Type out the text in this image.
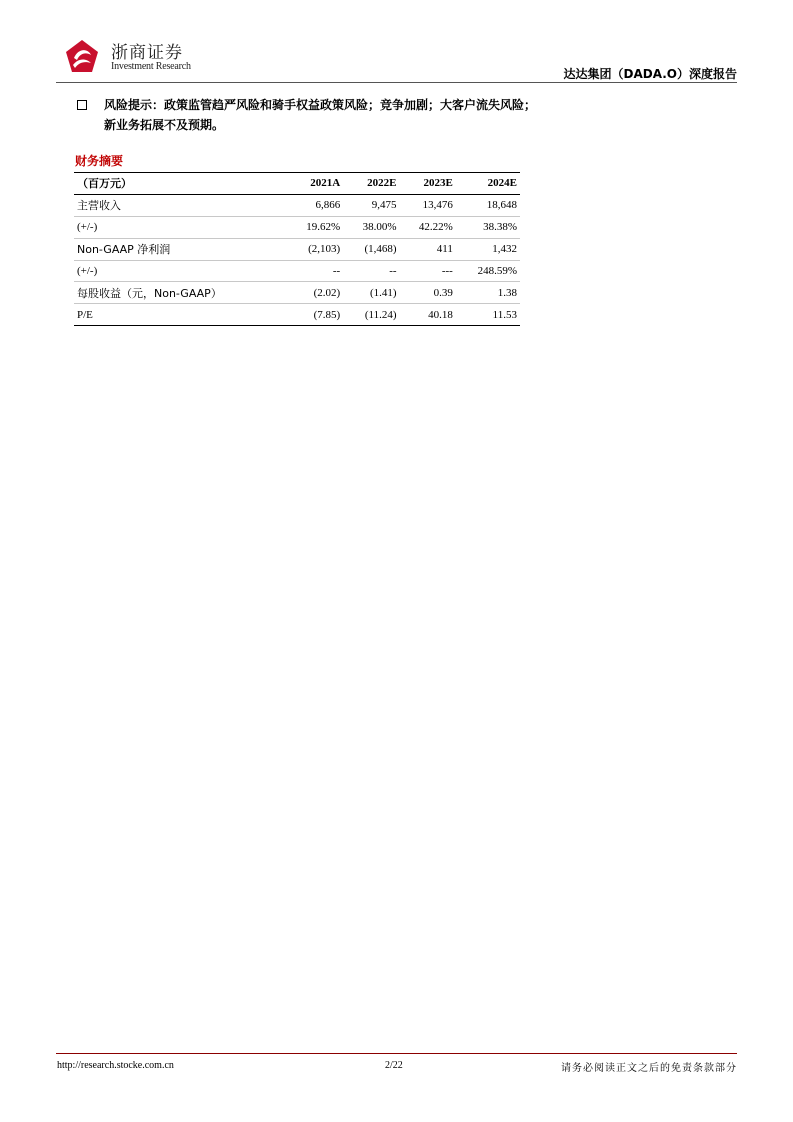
浙商证券
Investment Research
达达集团（DADA.O）深度报告
风险提示：政策监管趋严风险和骑手权益政策风险；竞争加剧；大客户流失风险；新业务拓展不及预期。
财务摘要
（百万元）	2021A	2022E	2023E	2024E
主营收入	6,866	9,475	13,476	18,648
(+/-)	19.62%	38.00%	42.22%	38.38%
Non-GAAP 净利润	(2,103)	(1,468)	411	1,432
(+/-)	--	--	---	248.59%
每股收益（元，Non-GAAP）	(2.02)	(1.41)	0.39	1.38
P/E	(7.85)	(11.24)	40.18	11.53
http://research.stocke.com.cn	2/22	请务必阅读正文之后的免责条款部分
